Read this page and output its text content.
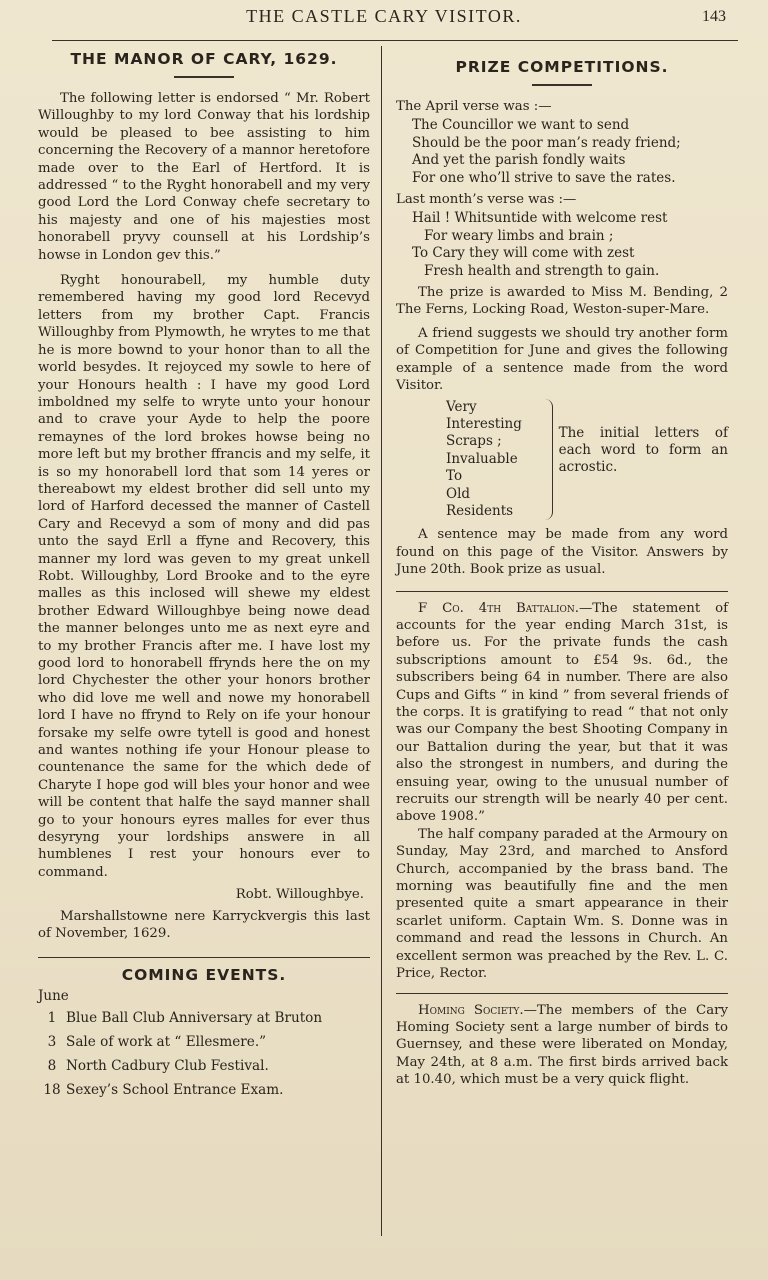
THE CASTLE CARY VISITOR.	143
THE MANOR OF CARY, 1629.

The following letter is endorsed “ Mr. Robert Willoughby to my lord Conway that his lordship would be pleased to bee assisting to him concerning the Recovery of a mannor heretofore made over to the Earl of Hertford. It is addressed “ to the Ryght honorabell and my very good Lord the Lord Conway chefe secretary to his majesty and one of his majesties most honorabell pryvy counsell at his Lordship’s howse in London gev this.”

Ryght honourabell, my humble duty remembered having my good lord Recevyd letters from my brother Capt. Francis Willoughby from Plymowth, he wrytes to me that he is more bownd to your honor than to all the world besydes. It rejoyced my sowle to here of your Honours health : I have my good Lord imboldned my selfe to wryte unto your honour and to crave your Ayde to help the poore remaynes of the lord brokes howse being no more left but my brother ffrancis and my selfe, it is so my honorabell lord that som 14 yeres or thereabowt my eldest brother did sell unto my lord of Harford decessed the manner of Castell Cary and Recevyd a som of mony and did pas unto the sayd Erll a ffyne and Recovery, this manner my lord was geven to my great unkell Robt. Willoughby, Lord Brooke and to the eyre malles as this inclosed will shewe my eldest brother Edward Willoughbye being nowe dead the manner belonges unto me as next eyre and to my brother Francis after me. I have lost my good lord to honorabell ffrynds here the on my lord Chychester the other your honors brother who did love me well and nowe my honorabell lord I have no ffrynd to Rely on ife your honour forsake my selfe owre tytell is good and honest and wantes nothing ife your Honour please to countenance the same for the which dede of Charyte I hope god will bles your honor and wee will be content that halfe the sayd manner shall go to your honours eyres malles for ever thus desyryng your lordships answere in all humblenes I rest your honours ever to command.

Robt. Willoughbye.

Marshallstowne nere Karryckvergis this last of November, 1629.

COMING EVENTS.
June
1 Blue Ball Club Anniversary at Bruton
3 Sale of work at “ Ellesmere.”
8 North Cadbury Club Festival.
18 Sexey’s School Entrance Exam.
PRIZE COMPETITIONS.

The April verse was :—

The Councillor we want to send
Should be the poor man’s ready friend;
And yet the parish fondly waits
For one who’ll strive to save the rates.

Last month’s verse was :—

Hail ! Whitsuntide with welcome rest
For weary limbs and brain ;
To Cary they will come with zest
Fresh health and strength to gain.

The prize is awarded to Miss M. Bending, 2 The Ferns, Locking Road, Weston-super-Mare.

A friend suggests we should try another form of Competition for June and gives the following example of a sentence made from the word Visitor.

Very
Interesting
Scraps ;
Invaluable
To
Old
Residents
The initial letters of each word to form an acrostic.

A sentence may be made from any word found on this page of the Visitor. Answers by June 20th. Book prize as usual.

F Co. 4th Battalion.—The statement of accounts for the year ending March 31st, is before us. For the private funds the cash subscriptions amount to £54 9s. 6d., the subscribers being 64 in number. There are also Cups and Gifts “ in kind ” from several friends of the corps. It is gratifying to read “ that not only was our Company the best Shooting Company in our Battalion during the year, but that it was also the strongest in numbers, and during the ensuing year, owing to the unusual number of recruits our strength will be nearly 40 per cent. above 1908.”

The half company paraded at the Armoury on Sunday, May 23rd, and marched to Ansford Church, accompanied by the brass band. The morning was beautifully fine and the men presented quite a smart appearance in their scarlet uniform. Captain Wm. S. Donne was in command and read the lessons in Church. An excellent sermon was preached by the Rev. L. C. Price, Rector.

Homing Society.—The members of the Cary Homing Society sent a large number of birds to Guernsey, and these were liberated on Monday, May 24th, at 8 a.m. The first birds arrived back at 10.40, which must be a very quick flight.
